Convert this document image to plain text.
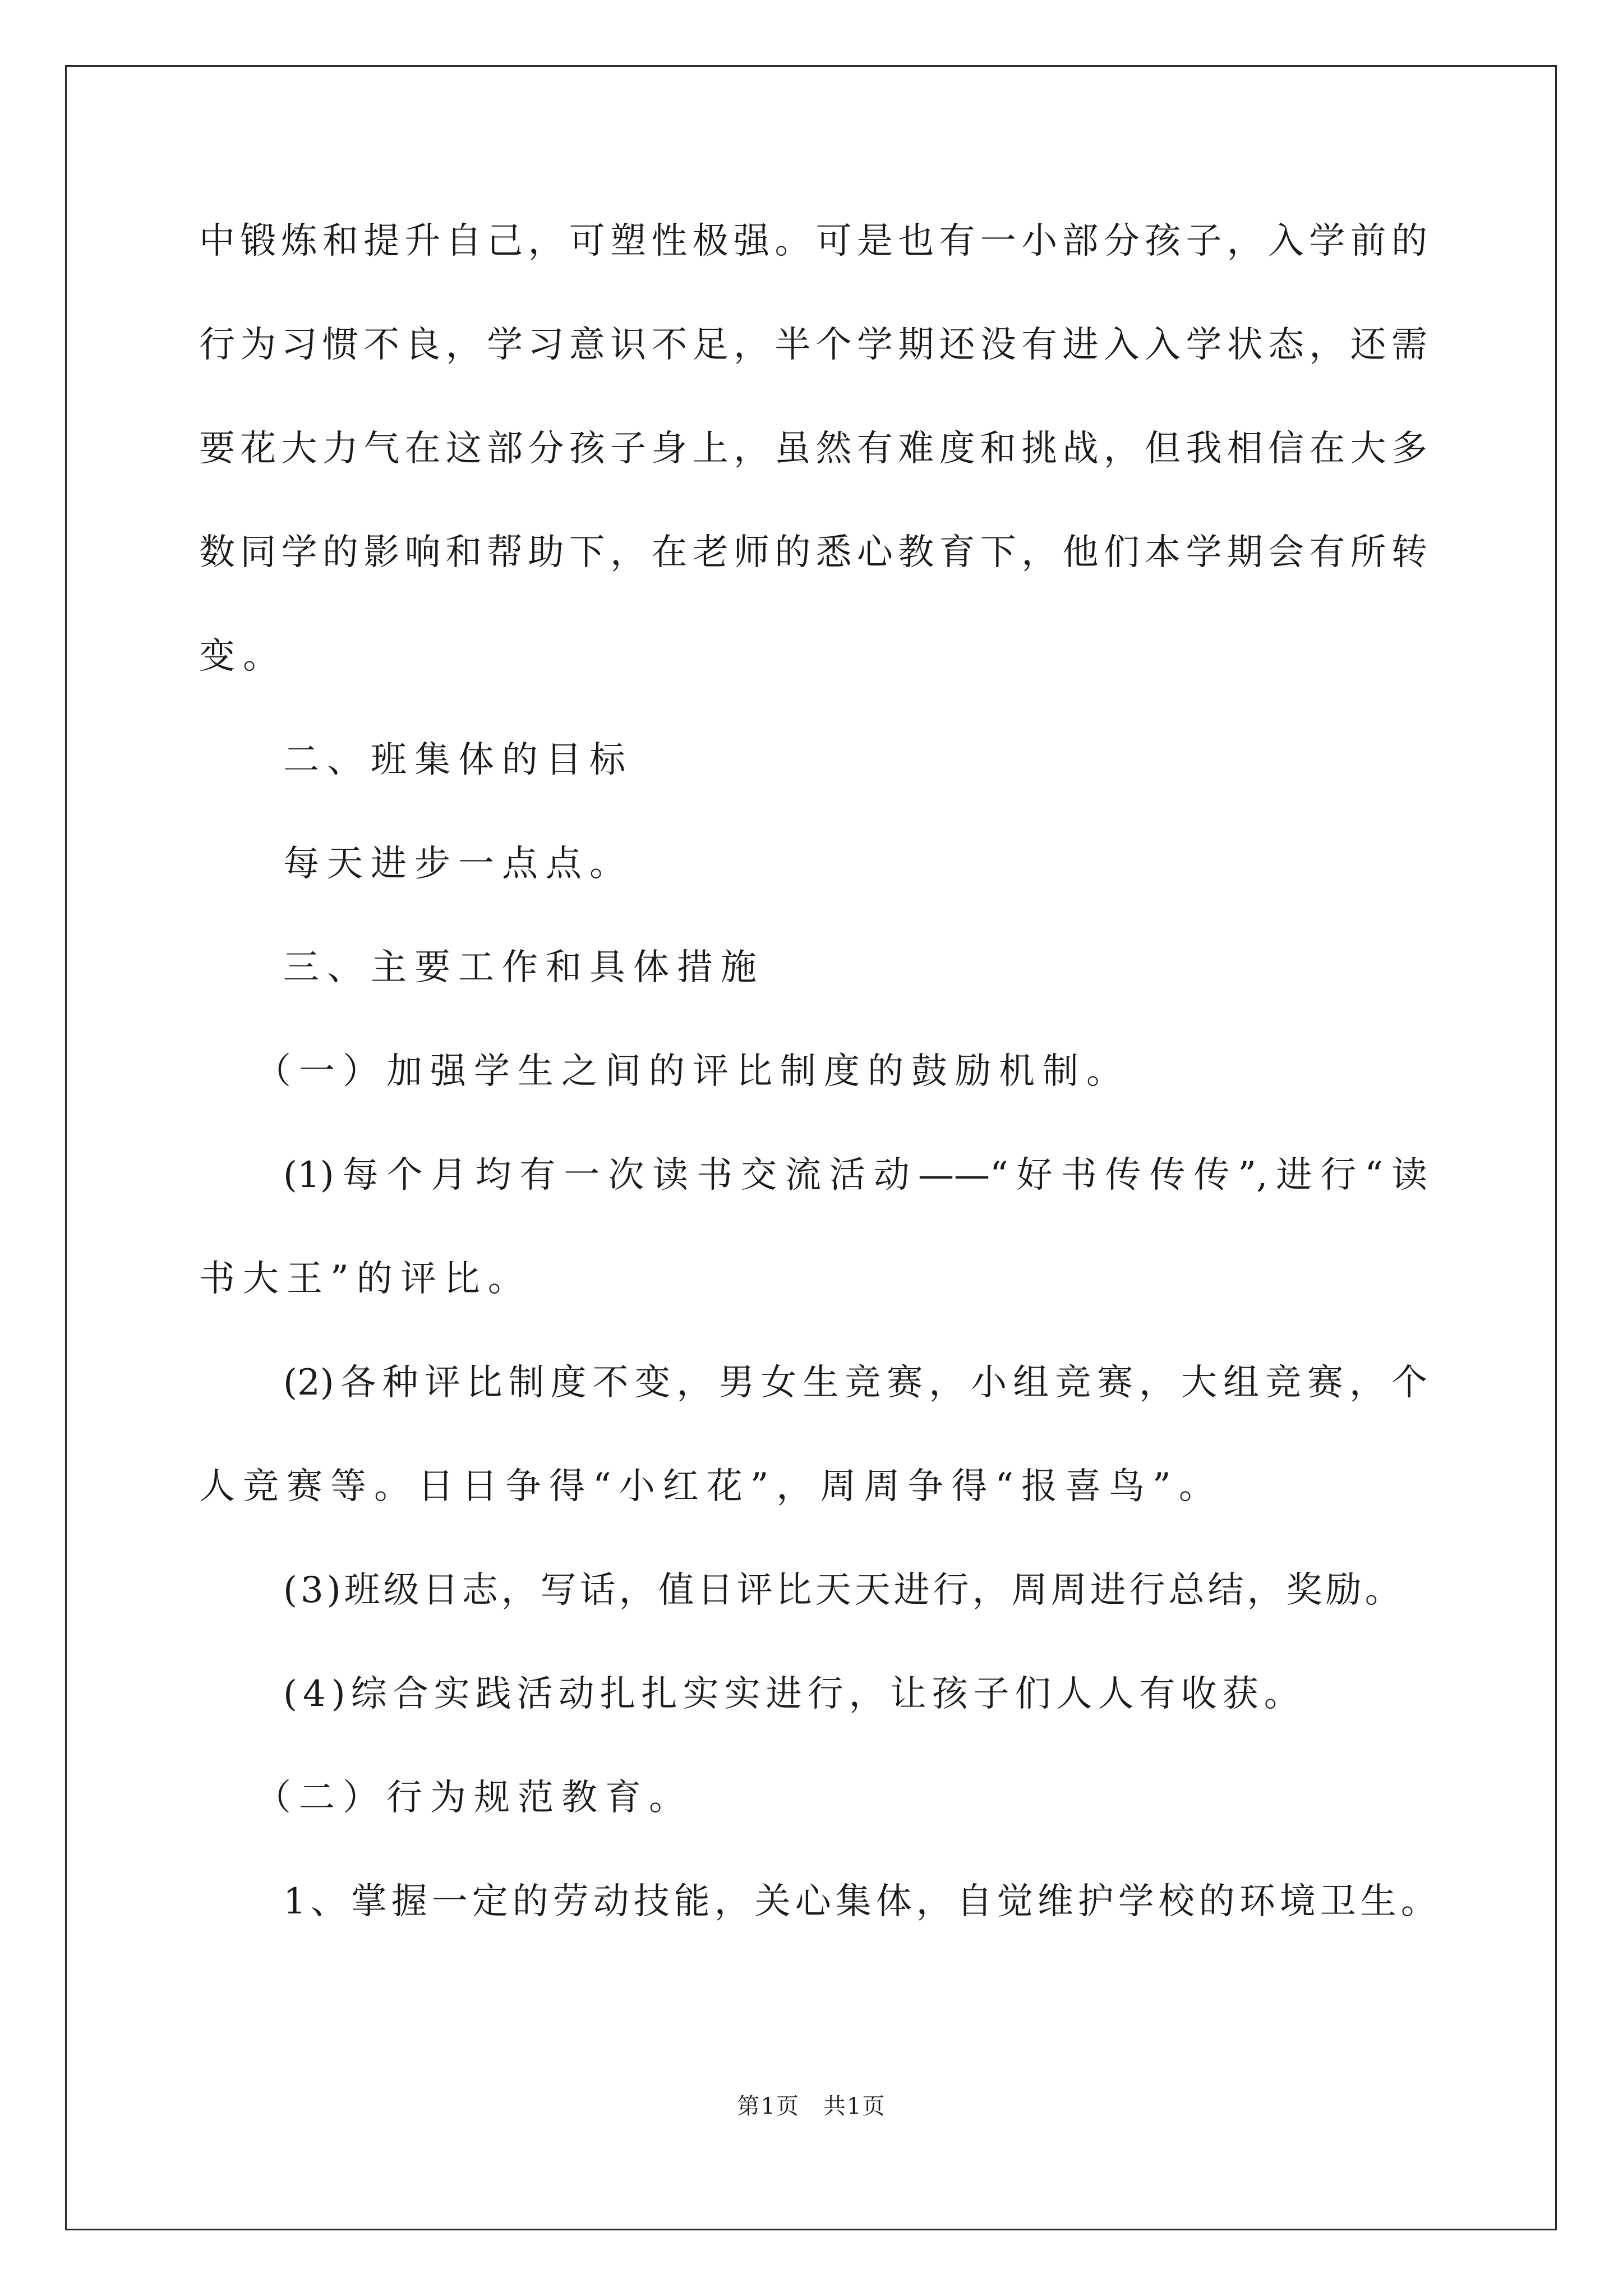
中锻炼和提升自己，可塑性极强。可是也有一小部分孩子，入学前的
行为习惯不良，学习意识不足，半个学期还没有进入入学状态，还需
要花大力气在这部分孩子身上，虽然有难度和挑战，但我相信在大多
数同学的影响和帮助下，在老师的悉心教育下，他们本学期会有所转
变。
二、班集体的目标
每天进步一点点。
三、主要工作和具体措施
（一）加强学生之间的评比制度的鼓励机制。
(1)每个月均有一次读书交流活动——“好书传传传”,进行“读
书大王”的评比。
(2)各种评比制度不变，男女生竞赛，小组竞赛，大组竞赛，个
人竞赛等。日日争得“小红花”，周周争得“报喜鸟”。
(3)班级日志，写话，值日评比天天进行，周周进行总结，奖励。
(4)综合实践活动扎扎实实进行，让孩子们人人有收获。
（二）行为规范教育。
1、掌握一定的劳动技能，关心集体，自觉维护学校的环境卫生。
第1页　共1页
